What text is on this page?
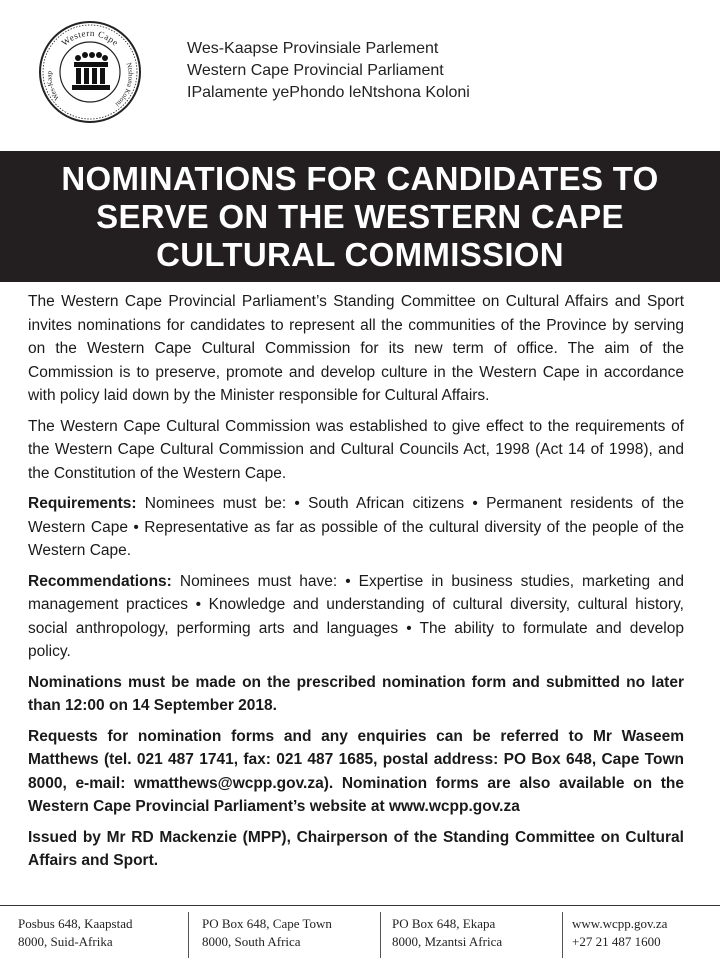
Western Cape
Wes-Kaap
Ntshona Koloni
Wes-Kaapse Provinsiale Parlement
Western Cape Provincial Parliament
IPalamente yePhondo leNtshona Koloni
NOMINATIONS FOR CANDIDATES TO
SERVE ON THE WESTERN CAPE
CULTURAL COMMISSION

The Western Cape Provincial Parliament’s Standing Committee on Cultural Affairs and Sport invites nominations for candidates to represent all the communities of the Province by serving on the Western Cape Cultural Commission for its new term of office. The aim of the Commission is to preserve, promote and develop culture in the Western Cape in accordance with policy laid down by the Minister responsible for Cultural Affairs.

The Western Cape Cultural Commission was established to give effect to the requirements of the Western Cape Cultural Commission and Cultural Councils Act, 1998 (Act 14 of 1998), and the Constitution of the Western Cape.

Requirements: Nominees must be: • South African citizens • Permanent residents of the Western Cape • Representative as far as possible of the cultural diversity of the people of the Western Cape.

Recommendations: Nominees must have: • Expertise in business studies, marketing and management practices • Knowledge and understanding of cultural diversity, cultural history, social anthropology, performing arts and languages • The ability to formulate and develop policy.

Nominations must be made on the prescribed nomination form and submitted no later than 12:00 on 14 September 2018.

Requests for nomination forms and any enquiries can be referred to Mr Waseem Matthews (tel. 021 487 1741, fax: 021 487 1685, postal address: PO Box 648, Cape Town 8000, e-mail: wmatthews@wcpp.gov.za). Nomination forms are also available on the Western Cape Provincial Parliament’s website at www.wcpp.gov.za

Issued by Mr RD Mackenzie (MPP), Chairperson of the Standing Committee on Cultural Affairs and Sport.

Posbus 648, Kaapstad
8000, Suid-Afrika
PO Box 648, Cape Town
8000, South Africa
PO Box 648, Ekapa
8000, Mzantsi Africa
www.wcpp.gov.za
+27 21 487 1600
